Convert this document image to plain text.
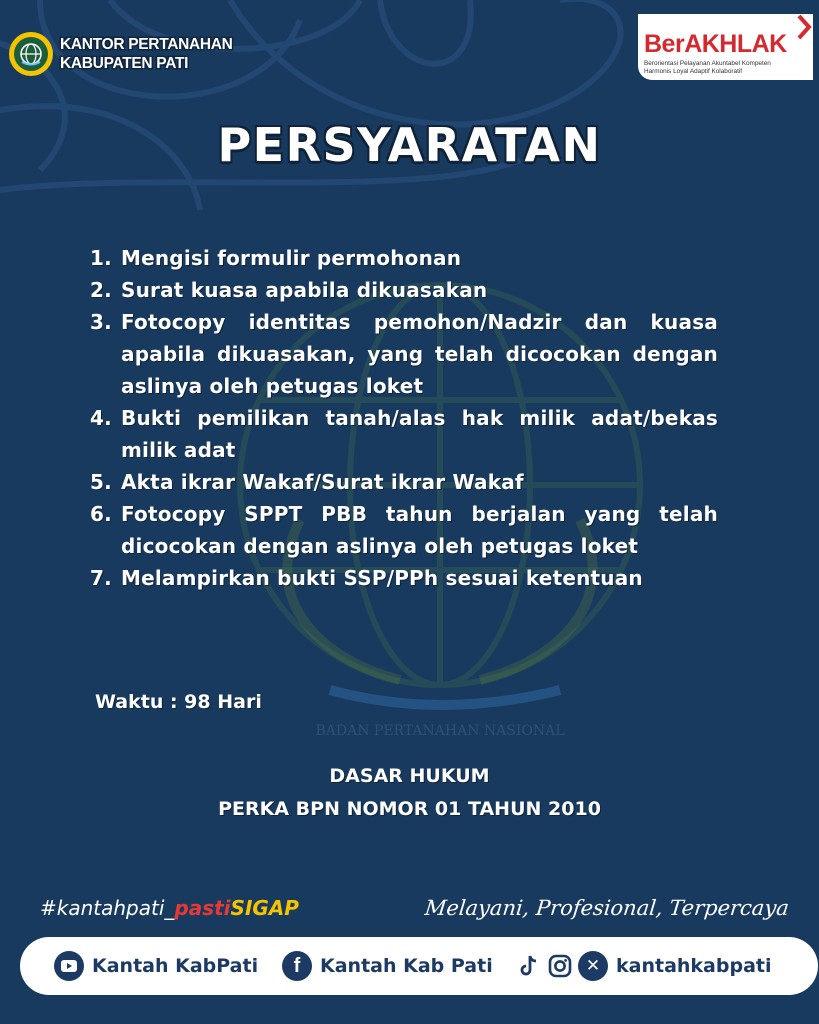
BADAN PERTANAHAN NASIONAL
KANTOR PERTANAHAN
KABUPATEN PATI
BerAKHLAK
Berorientasi Pelayanan Akuntabel Kompeten
Harmonis Loyal Adaptif Kolaboratif
PERSYARATAN
1. Mengisi formulir permohonan
2. Surat kuasa apabila dikuasakan
3. Fotocopy identitas pemohon/Nadzir dan kuasa apabila dikuasakan, yang telah dicocokan dengan aslinya oleh petugas loket
4. Bukti pemilikan tanah/alas hak milik adat/bekas milik adat
5. Akta ikrar Wakaf/Surat ikrar Wakaf
6. Fotocopy SPPT PBB tahun berjalan yang telah dicocokan dengan aslinya oleh petugas loket
7. Melampirkan bukti SSP/PPh sesuai ketentuan
Waktu : 98 Hari
DASAR HUKUM
PERKA BPN NOMOR 01 TAHUN 2010
#kantahpati_pastiSIGAP	Melayani, Profesional, Terpercaya
Kantah KabPati	f	Kantah Kab Pati	✕ kantahkabpati
